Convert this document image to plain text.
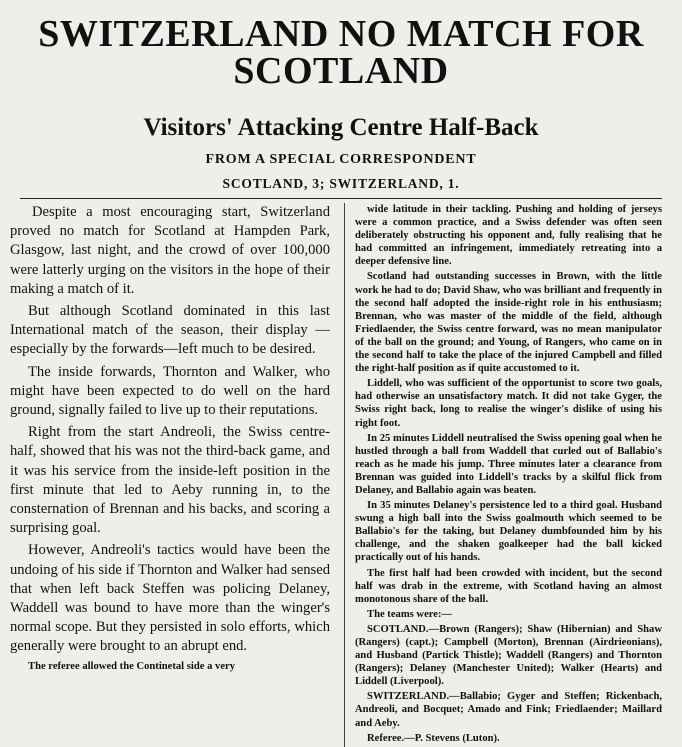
SWITZERLAND NO MATCH FOR
SCOTLAND
Visitors' Attacking Centre Half-Back
FROM A SPECIAL CORRESPONDENT
SCOTLAND, 3; SWITZERLAND, 1.

Despite a most encouraging start, Switzerland proved no match for Scotland at Hampden Park, Glasgow, last night, and the crowd of over 100,000 were latterly urging on the visitors in the hope of their making a match of it.

But although Scotland dominated in this last International match of the season, their display — especially by the forwards—left much to be desired.

The inside forwards, Thornton and Walker, who might have been expected to do well on the hard ground, signally failed to live up to their reputations.

Right from the start Andreoli, the Swiss centre-half, showed that his was not the third-back game, and it was his service from the inside-left position in the first minute that led to Aeby running in, to the consternation of Brennan and his backs, and scoring a surprising goal.

However, Andreoli's tactics would have been the undoing of his side if Thornton and Walker had sensed that when left back Steffen was policing Delaney, Waddell was bound to have more than the winger's normal scope. But they persisted in solo efforts, which generally were brought to an abrupt end.

The referee allowed the Continetal side a very

wide latitude in their tackling. Pushing and holding of jerseys were a common practice, and a Swiss defender was often seen deliberately obstructing his opponent and, fully realising that he had committed an infringement, immediately retreating into a deeper defensive line.

Scotland had outstanding successes in Brown, with the little work he had to do; David Shaw, who was brilliant and frequently in the second half adopted the inside-right role in his enthusiasm; Brennan, who was master of the middle of the field, although Friedlaender, the Swiss centre forward, was no mean manipulator of the ball on the ground; and Young, of Rangers, who came on in the second half to take the place of the injured Campbell and filled the right-half position as if quite accustomed to it.

Liddell, who was sufficient of the opportunist to score two goals, had otherwise an unsatisfactory match. It did not take Gyger, the Swiss right back, long to realise the winger's dislike of using his right foot.

In 25 minutes Liddell neutralised the Swiss opening goal when he hustled through a ball from Waddell that curled out of Ballabio's reach as he made his jump. Three minutes later a clearance from Brennan was guided into Liddell's tracks by a skilful flick from Delaney, and Ballabio again was beaten.

In 35 minutes Delaney's persistence led to a third goal. Husband swung a high ball into the Swiss goalmouth which seemed to be Ballabio's for the taking, but Delaney dumbfounded him by his challenge, and the shaken goalkeeper had the ball kicked practically out of his hands.

The first half had been crowded with incident, but the second half was drab in the extreme, with Scotland having an almost monotonous share of the ball.

The teams were:—

SCOTLAND.—Brown (Rangers); Shaw (Hibernian) and Shaw (Rangers) (capt.); Campbell (Morton), Brennan (Airdrieonians), and Husband (Partick Thistle); Waddell (Rangers) and Thornton (Rangers); Delaney (Manchester United); Walker (Hearts) and Liddell (Liverpool).

SWITZERLAND.—Ballabio; Gyger and Steffen; Rickenbach, Andreoli, and Bocquet; Amado and Fink; Friedlaender; Maillard and Aeby.

Referee.—P. Stevens (Luton).
